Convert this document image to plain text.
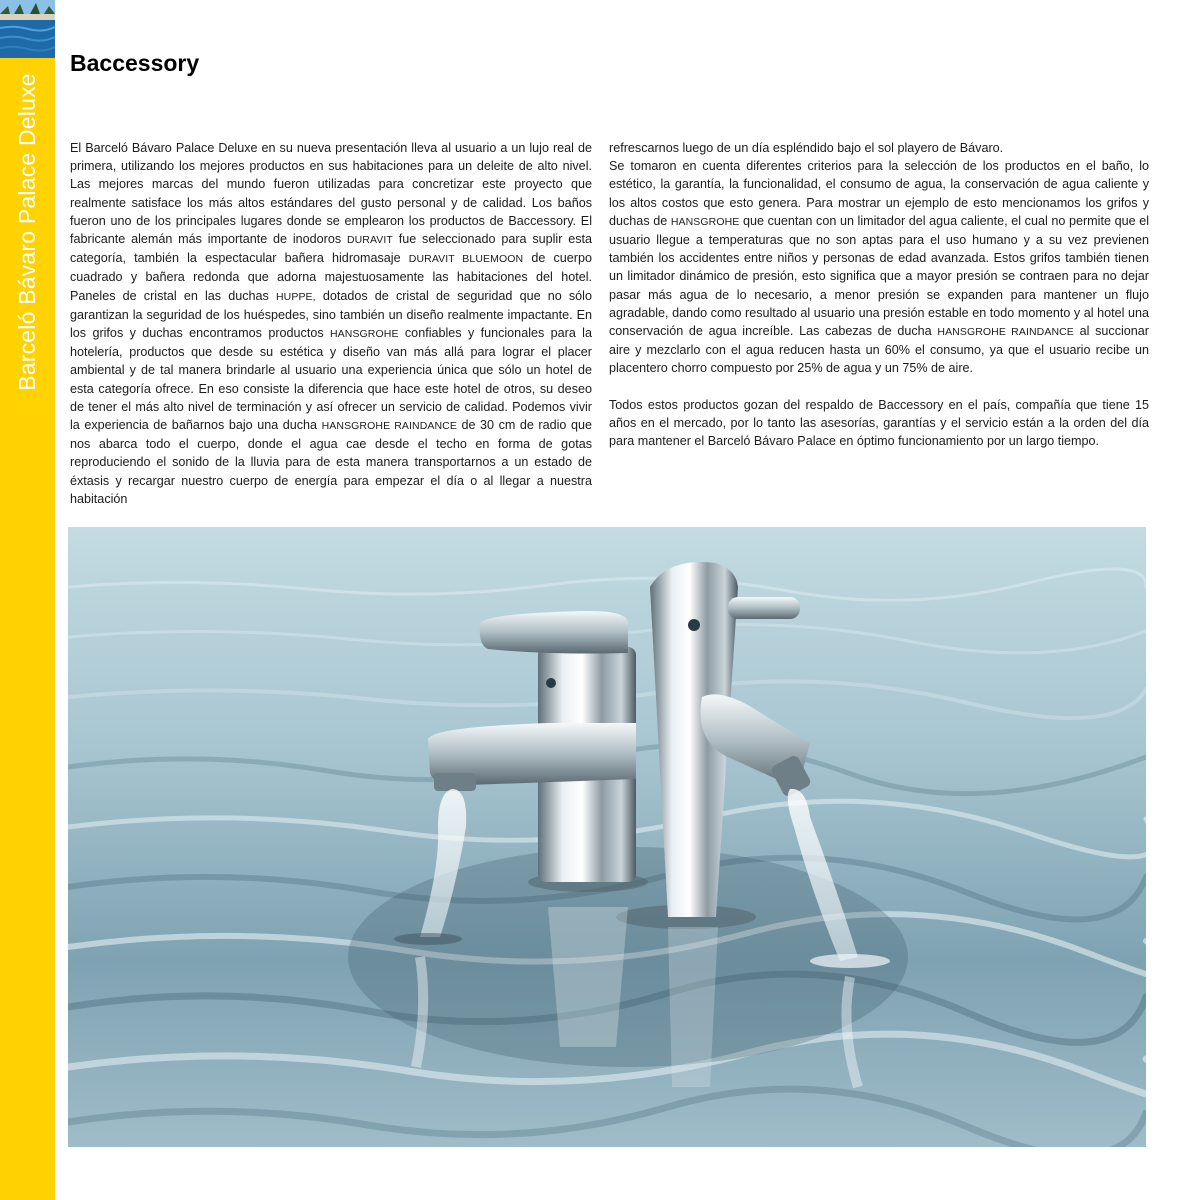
Barceló Bávaro Palace Deluxe
Baccessory

El Barceló Bávaro Palace Deluxe en su nueva presentación lleva al usuario a un lujo real de primera, utilizando los mejores productos en sus habitaciones para un deleite de alto nivel. Las mejores marcas del mundo fueron utilizadas para concretizar este proyecto que realmente satisface los más altos estándares del gusto personal y de calidad. Los baños fueron uno de los principales lugares donde se emplearon los productos de Baccessory. El fabricante alemán más importante de inodoros DURAVIT fue seleccionado para suplir esta categoría, también la espectacular bañera hidromasaje DURAVIT BLUEMOON de cuerpo cuadrado y bañera redonda que adorna majestuosamente las habitaciones del hotel. Paneles de cristal en las duchas HUPPE, dotados de cristal de seguridad que no sólo garantizan la seguridad de los huéspedes, sino también un diseño realmente impactante. En los grifos y duchas encontramos productos HANSGROHE confiables y funcionales para la hotelería, productos que desde su estética y diseño van más allá para lograr el placer ambiental y de tal manera brindarle al usuario una experiencia única que sólo un hotel de esta categoría ofrece. En eso consiste la diferencia que hace este hotel de otros, su deseo de tener el más alto nivel de terminación y así ofrecer un servicio de calidad. Podemos vivir la experiencia de bañarnos bajo una ducha HANSGROHE RAINDANCE de 30 cm de radio que nos abarca todo el cuerpo, donde el agua cae desde el techo en forma de gotas reproduciendo el sonido de la lluvia para de esta manera transportarnos a un estado de éxtasis y recargar nuestro cuerpo de energía para empezar el día o al llegar a nuestra habitación

refrescarnos luego de un día espléndido bajo el sol playero de Bávaro.
Se tomaron en cuenta diferentes criterios para la selección de los productos en el baño, lo estético, la garantía, la funcionalidad, el consumo de agua, la conservación de agua caliente y los altos costos que esto genera. Para mostrar un ejemplo de esto mencionamos los grifos y duchas de HANSGROHE que cuentan con un limitador del agua caliente, el cual no permite que el usuario llegue a temperaturas que no son aptas para el uso humano y a su vez previenen también los accidentes entre niños y personas de edad avanzada. Estos grifos también tienen un limitador dinámico de presión, esto significa que a mayor presión se contraen para no dejar pasar más agua de lo necesario, a menor presión se expanden para mantener un flujo agradable, dando como resultado al usuario una presión estable en todo momento y al hotel una conservación de agua increíble. Las cabezas de ducha HANSGROHE RAINDANCE al succionar aire y mezclarlo con el agua reducen hasta un 60% el consumo, ya que el usuario recibe un placentero chorro compuesto por 25% de agua y un 75% de aire.

Todos estos productos gozan del respaldo de Baccessory en el país, compañía que tiene 15 años en el mercado, por lo tanto las asesorías, garantías y el servicio están a la orden del día para mantener el Barceló Bávaro Palace en óptimo funcionamiento por un largo tiempo.
